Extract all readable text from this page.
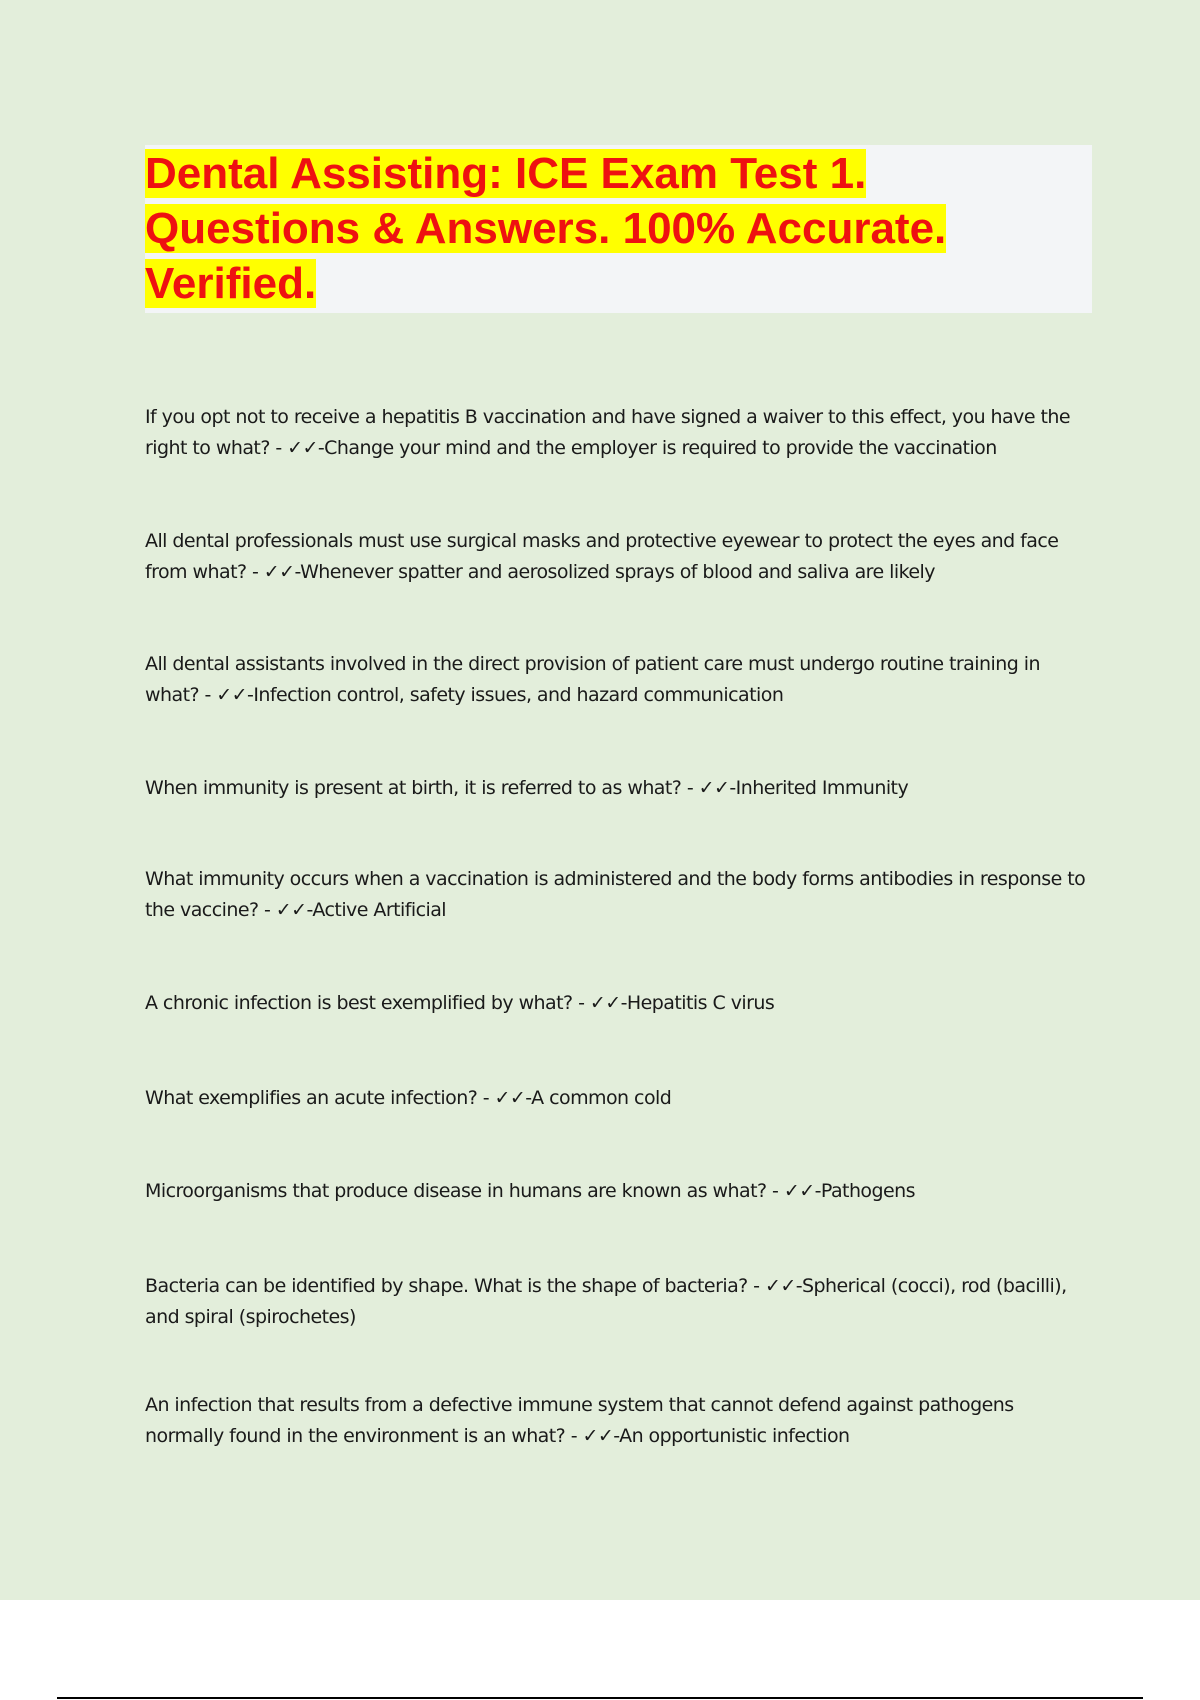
Dental Assisting: ICE Exam Test 1. Questions & Answers. 100% Accurate. Verified.

If you opt not to receive a hepatitis B vaccination and have signed a waiver to this effect, you have the right to what? - ✓✓-Change your mind and the employer is required to provide the vaccination

All dental professionals must use surgical masks and protective eyewear to protect the eyes and face from what? - ✓✓-Whenever spatter and aerosolized sprays of blood and saliva are likely

All dental assistants involved in the direct provision of patient care must undergo routine training in what? - ✓✓-Infection control, safety issues, and hazard communication

When immunity is present at birth, it is referred to as what? - ✓✓-Inherited Immunity

What immunity occurs when a vaccination is administered and the body forms antibodies in response to the vaccine? - ✓✓-Active Artificial

A chronic infection is best exemplified by what? - ✓✓-Hepatitis C virus

What exemplifies an acute infection? - ✓✓-A common cold

Microorganisms that produce disease in humans are known as what? - ✓✓-Pathogens

Bacteria can be identified by shape. What is the shape of bacteria? - ✓✓-Spherical (cocci), rod (bacilli), and spiral (spirochetes)

An infection that results from a defective immune system that cannot defend against pathogens normally found in the environment is an what? - ✓✓-An opportunistic infection
